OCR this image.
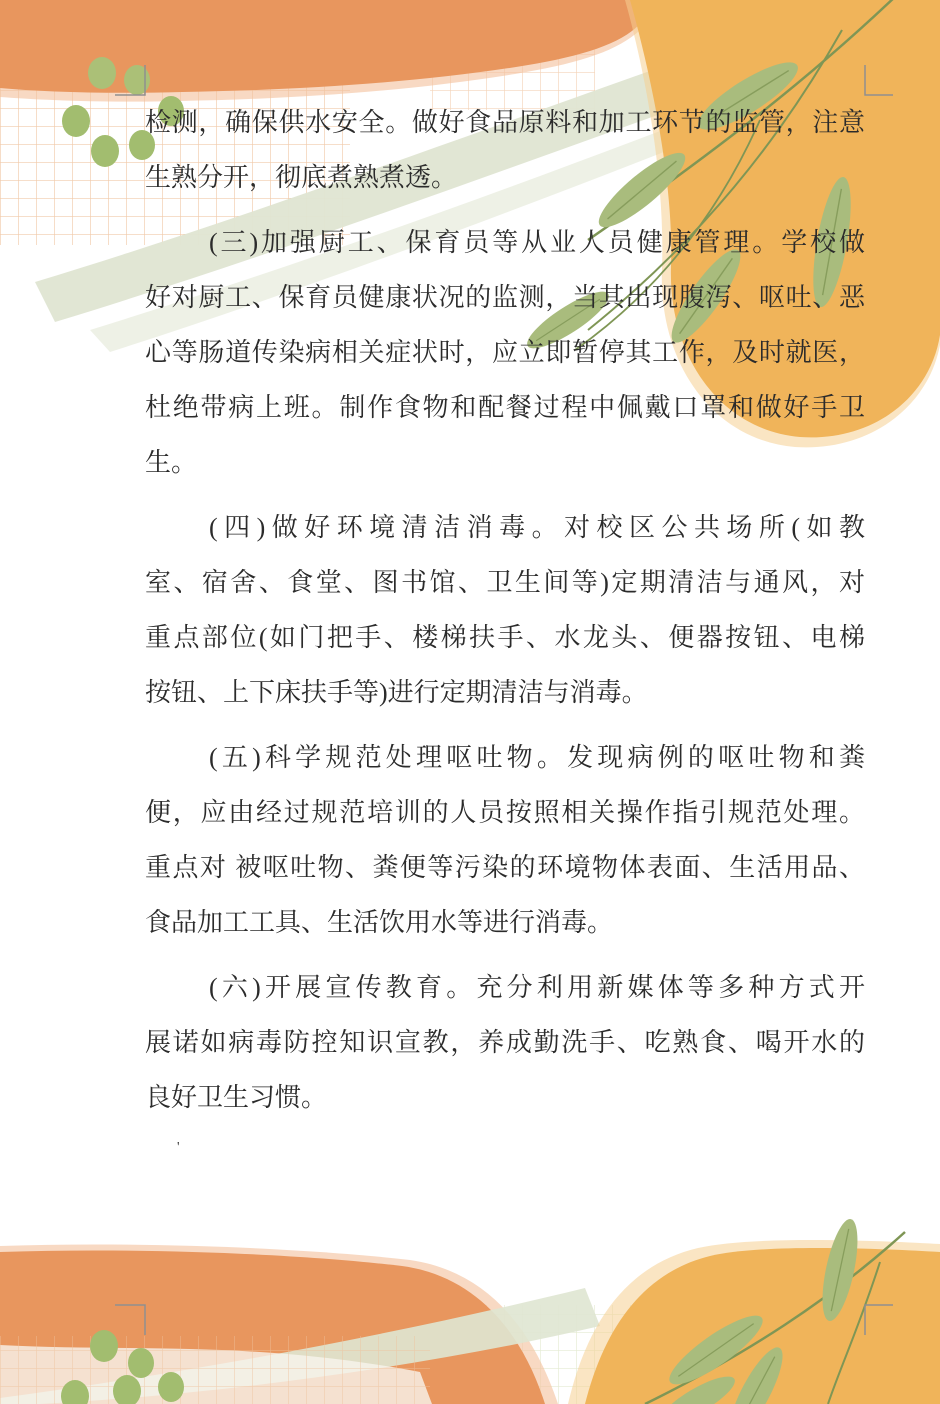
检测，确保供水安全。做好食品原料和加工环节的监管，注意
生熟分开，彻底煮熟煮透。
(三)加强厨工、保育员等从业人员健康管理。学校做
好对厨工、保育员健康状况的监测，当其出现腹泻、呕吐、恶
心等肠道传染病相关症状时，应立即暂停其工作，及时就医，
杜绝带病上班。制作食物和配餐过程中佩戴口罩和做好手卫
生。
(四)做好环境清洁消毒。对校区公共场所(如教
室、宿舍、食堂、图书馆、卫生间等)定期清洁与通风，对
重点部位(如门把手、楼梯扶手、水龙头、便器按钮、电梯
按钮、上下床扶手等)进行定期清洁与消毒。
(五)科学规范处理呕吐物。发现病例的呕吐物和粪
便，应由经过规范培训的人员按照相关操作指引规范处理。
重点对 被呕吐物、粪便等污染的环境物体表面、生活用品、
食品加工工具、生活饮用水等进行消毒。
(六)开展宣传教育。充分利用新媒体等多种方式开
展诺如病毒防控知识宣教，养成勤洗手、吃熟食、喝开水的
良好卫生习惯。
'
